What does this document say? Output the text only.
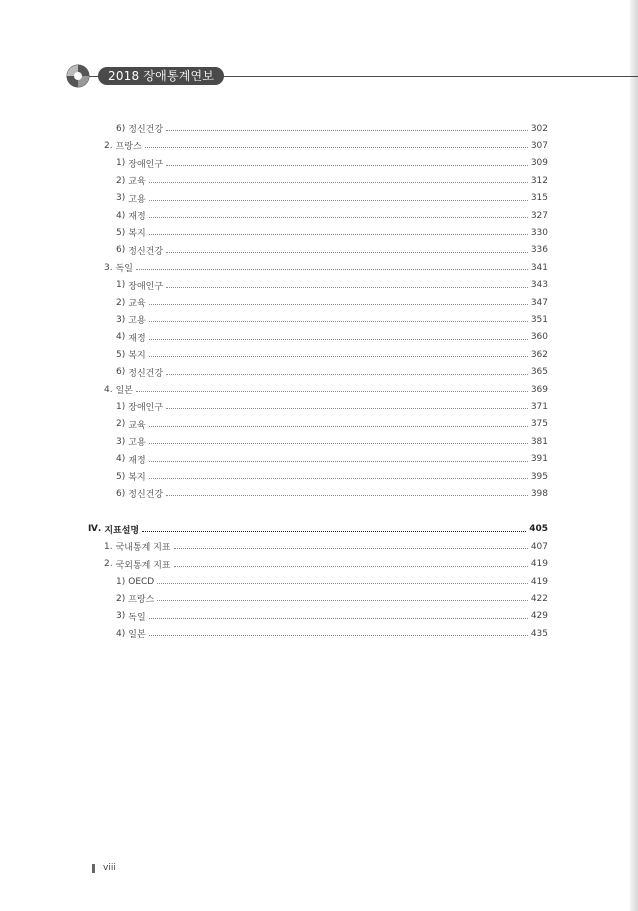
2018 장애통계연보
6) 정신건강	302
2. 프랑스	307
1) 장애인구	309
2) 교육	312
3) 고용	315
4) 재정	327
5) 복지	330
6) 정신건강	336
3. 독일	341
1) 장애인구	343
2) 교육	347
3) 고용	351
4) 재정	360
5) 복지	362
6) 정신건강	365
4. 일본	369
1) 장애인구	371
2) 교육	375
3) 고용	381
4) 재정	391
5) 복지	395
6) 정신건강	398
Ⅳ. 지표설명	405
1. 국내통계 지표	407
2. 국외통계 지표	419
1) OECD	419
2) 프랑스	422
3) 독일	429
4) 일본	435
viii
